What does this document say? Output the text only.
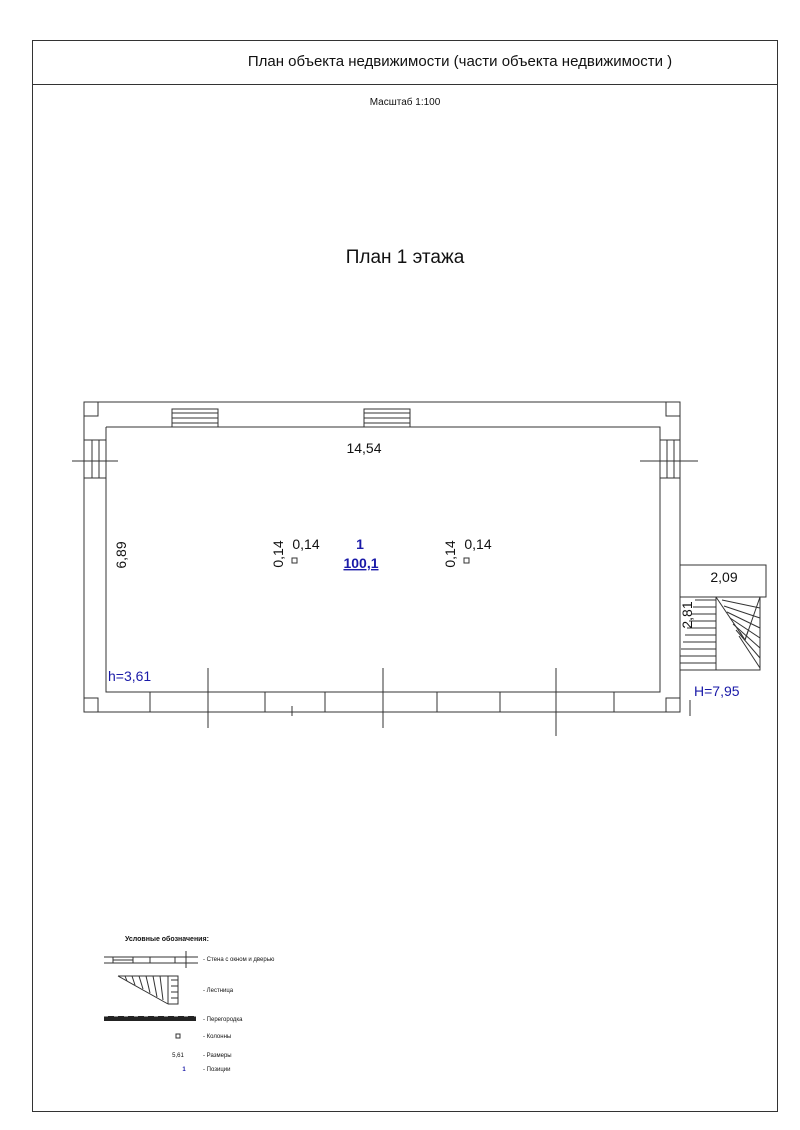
План объекта недвижимости (части объекта недвижимости )
Масштаб 1:100
План 1 этажа
14,54
6,89	0,14
0,14	0,14
0,14
1
100,1
h=3,61
2,09
2,81
H=7,95
Условные обозначения:
- Стена с окном и дверью
- Лестница
- Перегородка
- Колонны
5,61	- Размеры
1	- Позиции
